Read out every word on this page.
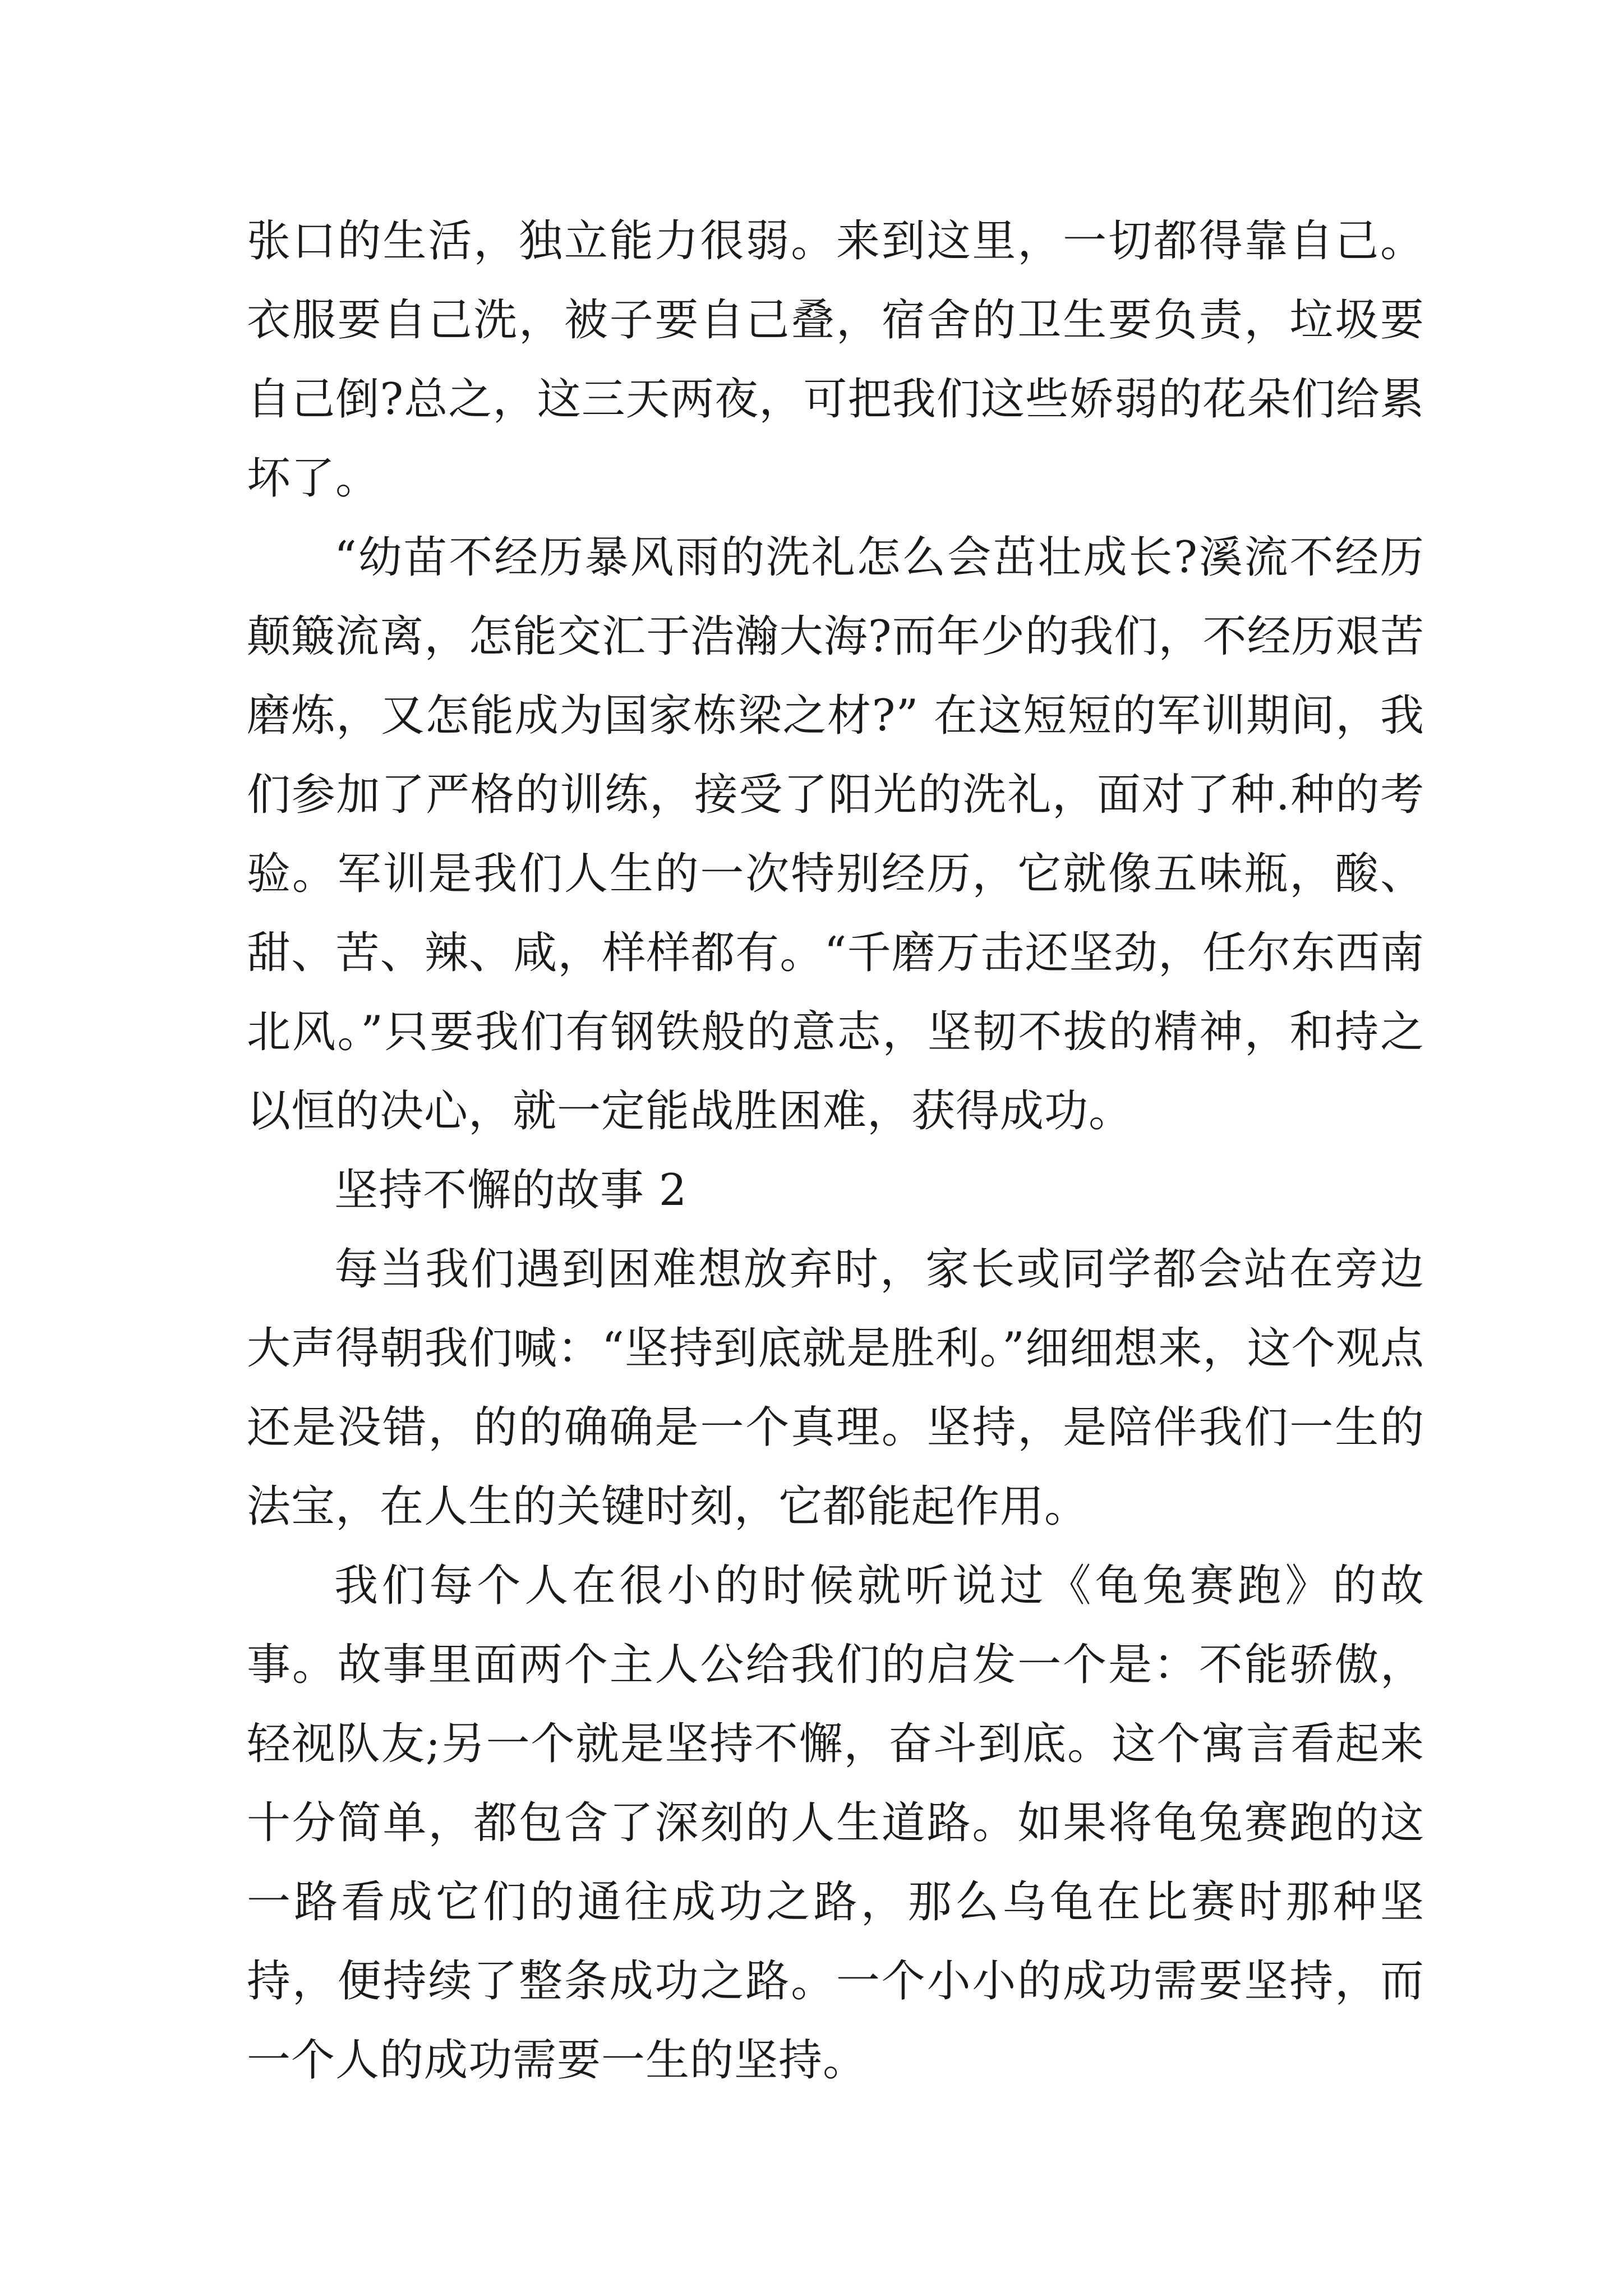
张口的生活，独立能力很弱。来到这里，一切都得靠自己。衣服要自己洗，被子要自己叠，宿舍的卫生要负责，垃圾要自己倒?总之，这三天两夜，可把我们这些娇弱的花朵们给累坏了。

“幼苗不经历暴风雨的洗礼怎么会茁壮成长?溪流不经历颠簸流离，怎能交汇于浩瀚大海?而年少的我们，不经历艰苦磨炼，又怎能成为国家栋梁之材?” 在这短短的军训期间，我们参加了严格的训练，接受了阳光的洗礼，面对了种.种的考验。军训是我们人生的一次特别经历，它就像五味瓶，酸、甜、苦、辣、咸，样样都有。“千磨万击还坚劲，任尔东西南北风。”只要我们有钢铁般的意志，坚韧不拔的精神，和持之以恒的决心，就一定能战胜困难，获得成功。

坚持不懈的故事 2

每当我们遇到困难想放弃时，家长或同学都会站在旁边大声得朝我们喊：“坚持到底就是胜利。”细细想来，这个观点还是没错，的的确确是一个真理。坚持，是陪伴我们一生的法宝，在人生的关键时刻，它都能起作用。

我们每个人在很小的时候就听说过《龟兔赛跑》的故事。故事里面两个主人公给我们的启发一个是：不能骄傲，轻视队友;另一个就是坚持不懈，奋斗到底。这个寓言看起来十分简单，都包含了深刻的人生道路。如果将龟兔赛跑的这一路看成它们的通往成功之路，那么乌龟在比赛时那种坚持，便持续了整条成功之路。一个小小的成功需要坚持，而一个人的成功需要一生的坚持。
